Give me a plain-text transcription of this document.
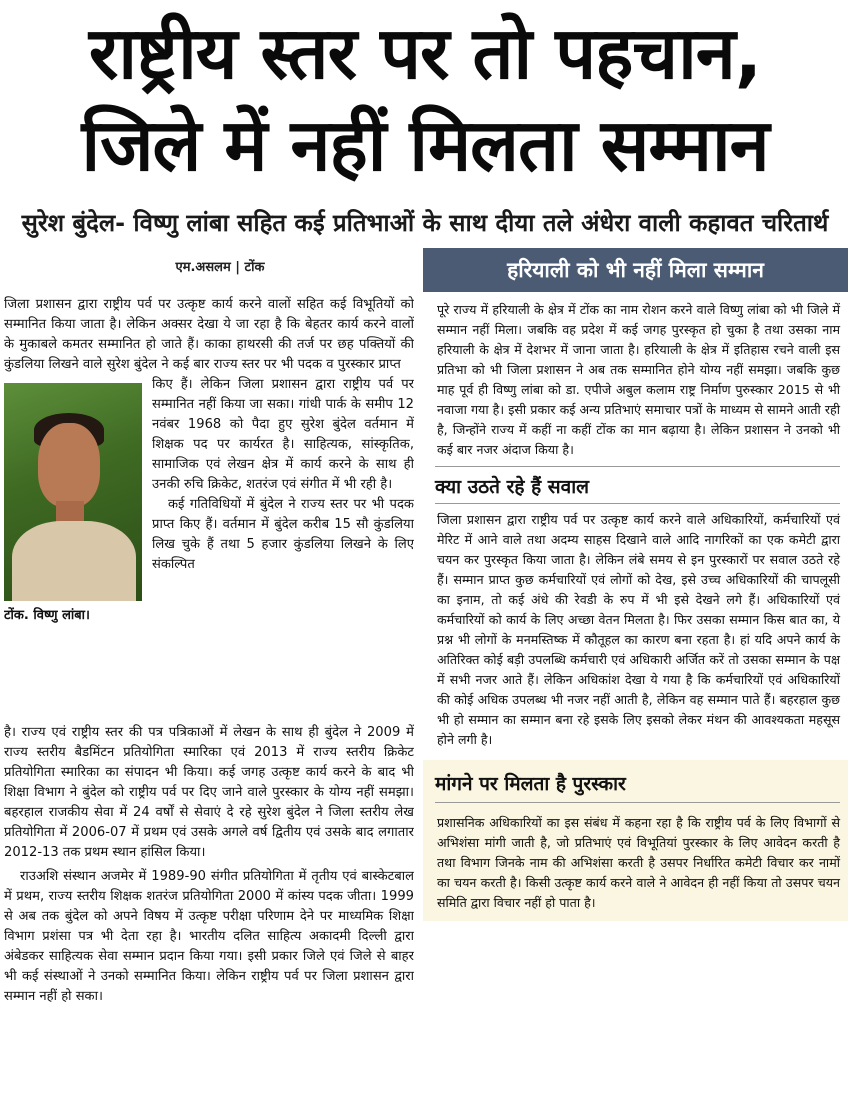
राष्ट्रीय स्तर पर तो पहचान,
जिले में नहीं मिलता सम्मान
सुरेश बुंदेल- विष्णु लांबा सहित कई प्रतिभाओं के साथ दीया तले अंधेरा वाली कहावत चरितार्थ
एम.असलम | टोंक

जिला प्रशासन द्वारा राष्ट्रीय पर्व पर उत्कृष्ट कार्य करने वालों सहित कई विभूतियों को सम्मानित किया जाता है। लेकिन अक्सर देखा ये जा रहा है कि बेहतर कार्य करने वालों के मुकाबले कमतर सम्मानित हो जाते हैं। काका हाथरसी की तर्ज पर छह पक्तियों की कुंडलिया लिखने वाले सुरेश बुंदेल ने कई बार राज्य स्तर पर भी पदक व पुरस्कार प्राप्त

टोंक. विष्णु लांबा।

किए हैं। लेकिन जिला प्रशासन द्वारा राष्ट्रीय पर्व पर सम्मानित नहीं किया जा सका। गांधी पार्क के समीप 12 नवंबर 1968 को पैदा हुए सुरेश बुंदेल वर्तमान में शिक्षक पद पर कार्यरत है। साहित्यक, सांस्कृतिक, सामाजिक एवं लेखन क्षेत्र में कार्य करने के साथ ही उनकी रुचि क्रिकेट, शतरंज एवं संगीत में भी रही है।

कई गतिविधियों में बुंदेल ने राज्य स्तर पर भी पदक प्राप्त किए हैं। वर्तमान में बुंदेल करीब 15 सौ कुंडलिया लिख चुके हैं तथा 5 हजार कुंडलिया लिखने के लिए संकल्पित

है। राज्य एवं राष्ट्रीय स्तर की पत्र पत्रिकाओं में लेखन के साथ ही बुंदेल ने 2009 में राज्य स्तरीय बैडमिंटन प्रतियोगिता स्मारिका एवं 2013 में राज्य स्तरीय क्रिकेट प्रतियोगिता स्मारिका का संपादन भी किया। कई जगह उत्कृष्ट कार्य करने के बाद भी शिक्षा विभाग ने बुंदेल को राष्ट्रीय पर्व पर दिए जाने वाले पुरस्कार के योग्य नहीं समझा। बहरहाल राजकीय सेवा में 24 वर्षों से सेवाएं दे रहे सुरेश बुंदेल ने जिला स्तरीय लेख प्रतियोगिता में 2006-07 में प्रथम एवं उसके अगले वर्ष द्वितीय एवं उसके बाद लगातार 2012-13 तक प्रथम स्थान हांसिल किया।

राउअशि संस्थान अजमेर में 1989-90 संगीत प्रतियोगिता में तृतीय एवं बास्केटबाल में प्रथम, राज्य स्तरीय शिक्षक शतरंज प्रतियोगिता 2000 में कांस्य पदक जीता। 1999 से अब तक बुंदेल को अपने विषय में उत्कृष्ट परीक्षा परिणाम देने पर माध्यमिक शिक्षा विभाग प्रशंसा पत्र भी देता रहा है। भारतीय दलित साहित्य अकादमी दिल्ली द्वारा अंबेडकर साहित्यक सेवा सम्मान प्रदान किया गया। इसी प्रकार जिले एवं जिले से बाहर भी कई संस्थाओं ने उनको सम्मानित किया। लेकिन राष्ट्रीय पर्व पर जिला प्रशासन द्वारा सम्मान नहीं हो सका।

हरियाली को भी नहीं मिला सम्मान
पूरे राज्य में हरियाली के क्षेत्र में टोंक का नाम रोशन करने वाले विष्णु लांबा को भी जिले में सम्मान नहीं मिला। जबकि वह प्रदेश में कई जगह पुरस्कृत हो चुका है तथा उसका नाम हरियाली के क्षेत्र में देशभर में जाना जाता है। हरियाली के क्षेत्र में इतिहास रचने वाली इस प्रतिभा को भी जिला प्रशासन ने अब तक सम्मानित होने योग्य नहीं समझा। जबकि कुछ माह पूर्व ही विष्णु लांबा को डा. एपीजे अबुल कलाम राष्ट्र निर्माण पुरुस्कार 2015 से भी नवाजा गया है। इसी प्रकार कई अन्य प्रतिभाएं समाचार पत्रों के माध्यम से सामने आती रही है, जिन्होंने राज्य में कहीं ना कहीं टोंक का मान बढ़ाया है। लेकिन प्रशासन ने उनको भी कई बार नजर अंदाज किया है।
क्या उठते रहे हैं सवाल
जिला प्रशासन द्वारा राष्ट्रीय पर्व पर उत्कृष्ट कार्य करने वाले अधिकारियों, कर्मचारियों एवं मेरिट में आने वाले तथा अदम्य साहस दिखाने वाले आदि नागरिकों का एक कमेटी द्वारा चयन कर पुरस्कृत किया जाता है। लेकिन लंबे समय से इन पुरस्कारों पर सवाल उठते रहे हैं। सम्मान प्राप्त कुछ कर्मचारियों एवं लोगों को देख, इसे उच्च अधिकारियों की चापलूसी का इनाम, तो कई अंधे की रेवडी के रुप में भी इसे देखने लगे हैं। अधिकारियों एवं कर्मचारियों को कार्य के लिए अच्छा वेतन मिलता है। फिर उसका सम्मान किस बात का, ये प्रश्न भी लोगों के मनमस्तिष्क में कौतूहल का कारण बना रहता है। हां यदि अपने कार्य के अतिरिक्त कोई बड़ी उपलब्धि कर्मचारी एवं अधिकारी अर्जित करें तो उसका सम्मान के पक्ष में सभी नजर आते हैं। लेकिन अधिकांश देखा ये गया है कि कर्मचारियों एवं अधिकारियों की कोई अधिक उपलब्ध भी नजर नहीं आती है, लेकिन वह सम्मान पाते हैं। बहरहाल कुछ भी हो सम्मान का सम्मान बना रहे इसके लिए इसको लेकर मंथन की आवश्यकता महसूस होने लगी है।
मांगने पर मिलता है पुरस्कार
प्रशासनिक अधिकारियों का इस संबंध में कहना रहा है कि राष्ट्रीय पर्व के लिए विभागों से अभिशंसा मांगी जाती है, जो प्रतिभाएं एवं विभूतियां पुरस्कार के लिए आवेदन करती है तथा विभाग जिनके नाम की अभिशंसा करती है उसपर निर्धारित कमेटी विचार कर नामों का चयन करती है। किसी उत्कृष्ट कार्य करने वाले ने आवेदन ही नहीं किया तो उसपर चयन समिति द्वारा विचार नहीं हो पाता है।
